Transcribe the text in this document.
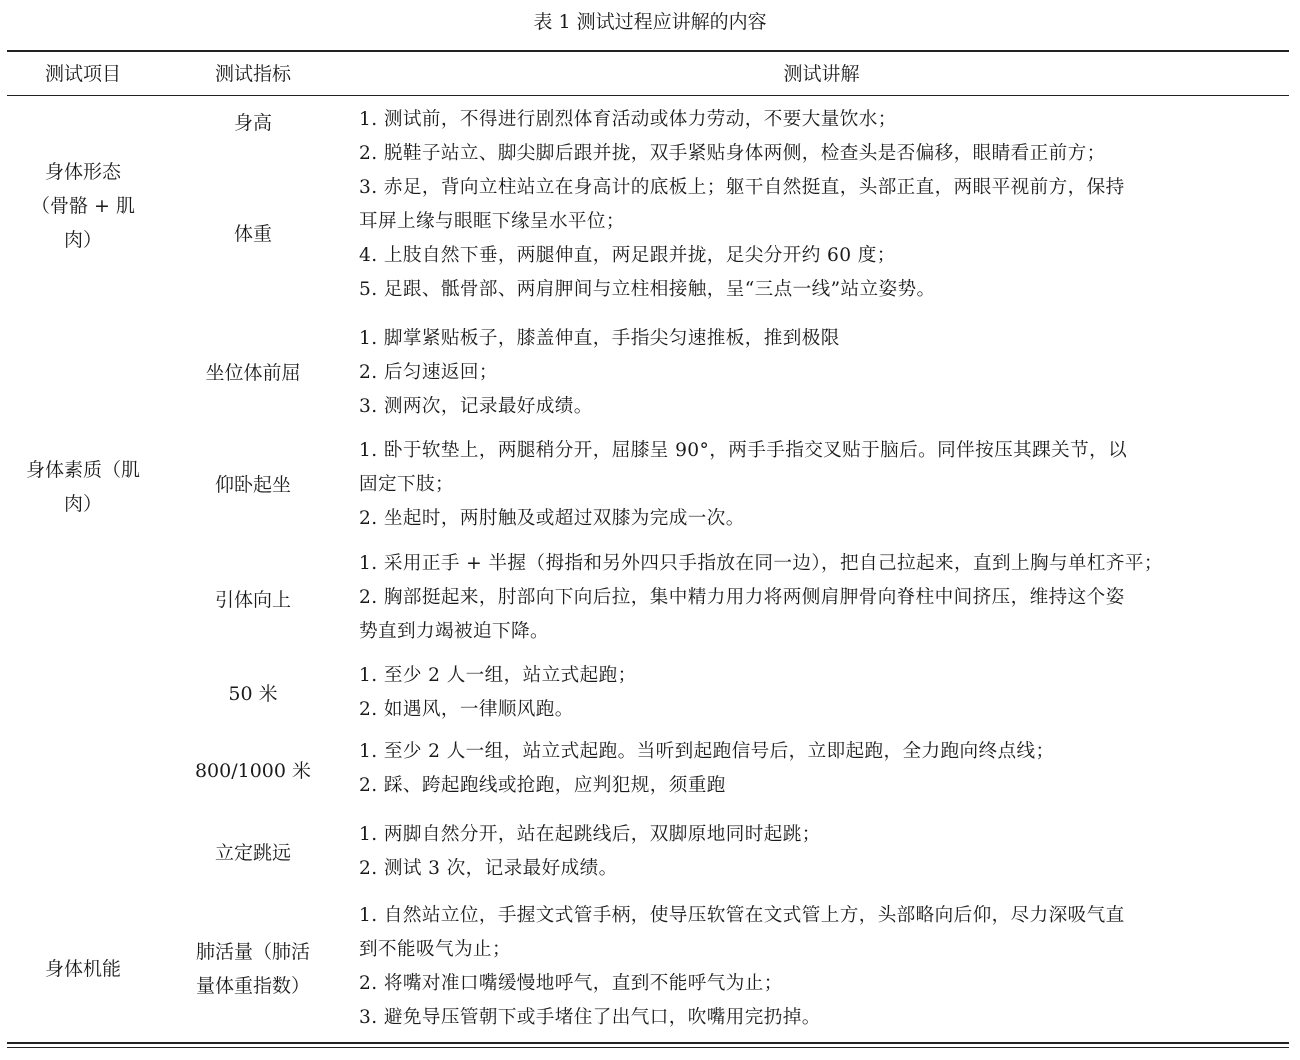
表 1 测试过程应讲解的内容
测试项目	测试指标	测试讲解
身体形态
（骨骼 + 肌
肉）
身体素质（肌
肉）
身体机能
身高
体重
坐位体前屈
仰卧起坐
引体向上
50 米
800/1000 米
立定跳远
肺活量（肺活
量体重指数）

1. 测试前，不得进行剧烈体育活动或体力劳动，不要大量饮水；

2. 脱鞋子站立、脚尖脚后跟并拢，双手紧贴身体两侧，检查头是否偏移，眼睛看正前方；

3. 赤足，背向立柱站立在身高计的底板上；躯干自然挺直，头部正直，两眼平视前方，保持

耳屏上缘与眼眶下缘呈水平位；

4. 上肢自然下垂，两腿伸直，两足跟并拢，足尖分开约 60 度；

5. 足跟、骶骨部、两肩胛间与立柱相接触，呈“三点一线”站立姿势。

1. 脚掌紧贴板子，膝盖伸直，手指尖匀速推板，推到极限

2. 后匀速返回；

3. 测两次，记录最好成绩。

1. 卧于软垫上，两腿稍分开，屈膝呈 90°，两手手指交叉贴于脑后。同伴按压其踝关节，以

固定下肢；

2. 坐起时，两肘触及或超过双膝为完成一次。

1. 采用正手 + 半握（拇指和另外四只手指放在同一边），把自己拉起来，直到上胸与单杠齐平；

2. 胸部挺起来，肘部向下向后拉，集中精力用力将两侧肩胛骨向脊柱中间挤压，维持这个姿

势直到力竭被迫下降。

1. 至少 2 人一组，站立式起跑；

2. 如遇风，一律顺风跑。

1. 至少 2 人一组，站立式起跑。当听到起跑信号后，立即起跑，全力跑向终点线；

2. 踩、跨起跑线或抢跑，应判犯规，须重跑

1. 两脚自然分开，站在起跳线后，双脚原地同时起跳；

2. 测试 3 次，记录最好成绩。

1. 自然站立位，手握文式管手柄，使导压软管在文式管上方，头部略向后仰，尽力深吸气直

到不能吸气为止；

2. 将嘴对准口嘴缓慢地呼气，直到不能呼气为止；

3. 避免导压管朝下或手堵住了出气口，吹嘴用完扔掉。
